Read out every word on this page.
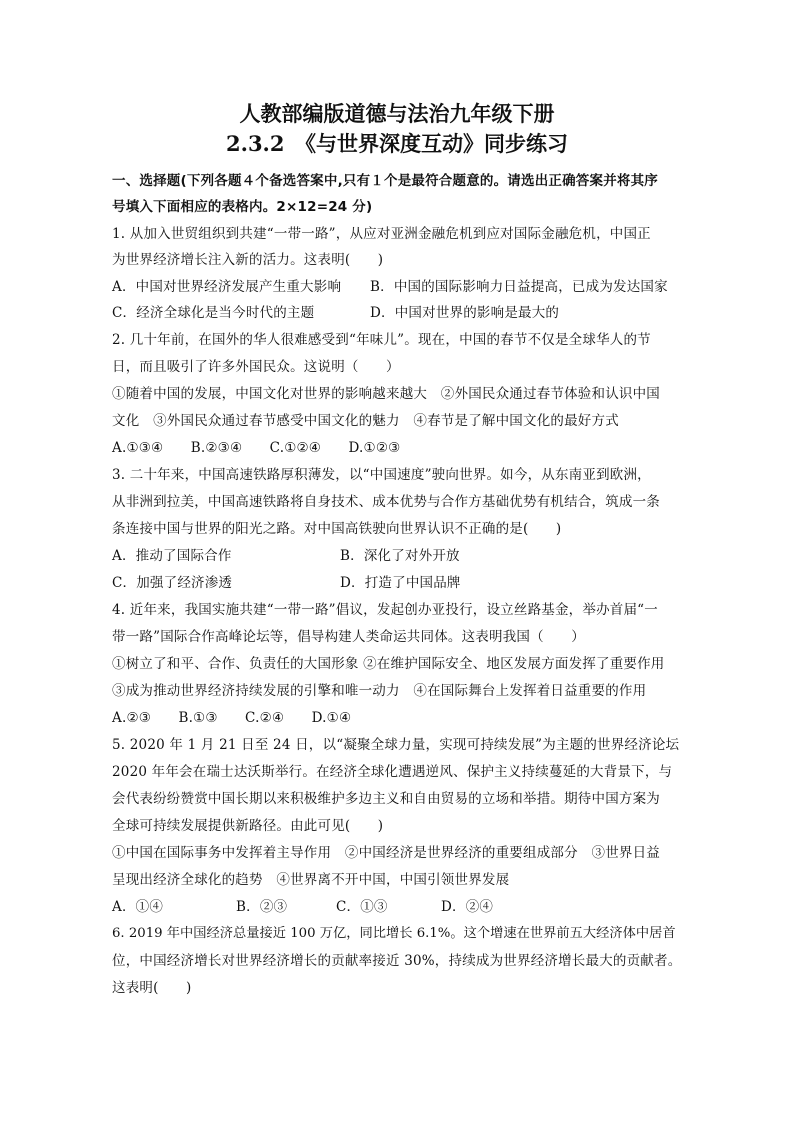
人教部编版道德与法治九年级下册
2.3.2　《与世界深度互动》同步练习
一、选择题(下列各题４个备选答案中,只有１个是最符合题意的。请选出正确答案并将其序
号填入下面相应的表格内。2×12=24 分)
1. 从加入世贸组织到共建“一带一路”，从应对亚洲金融危机到应对国际金融危机，中国正
为世界经济增长注入新的活力。这表明(　　)
A．中国对世界经济发展产生重大影响 B．中国的国际影响力日益提高，已成为发达国家
C．经济全球化是当今时代的主题	D．中国对世界的影响是最大的
2. 几十年前，在国外的华人很难感受到“年味儿”。现在，中国的春节不仅是全球华人的节
日，而且吸引了许多外国民众。这说明（　　）
①随着中国的发展，中国文化对世界的影响越来越大　②外国民众通过春节体验和认识中国
文化　③外国民众通过春节感受中国文化的魅力　④春节是了解中国文化的最好方式
A.①③④　　B.②③④　　C.①②④　　D.①②③
3. 二十年来，中国高速铁路厚积薄发，以“中国速度”驶向世界。如今，从东南亚到欧洲，
从非洲到拉美，中国高速铁路将自身技术、成本优势与合作方基础优势有机结合，筑成一条
条连接中国与世界的阳光之路。对中国高铁驶向世界认识不正确的是(　　)
A．推动了国际合作	B．深化了对外开放
C．加强了经济渗透	D．打造了中国品牌
4. 近年来，我国实施共建“一带一路”倡议，发起创办亚投行，设立丝路基金，举办首届“一
带一路”国际合作高峰论坛等，倡导构建人类命运共同体。这表明我国（　　）
①树立了和平、合作、负责任的大国形象 ②在维护国际安全、地区发展方面发挥了重要作用
③成为推动世界经济持续发展的引擎和唯一动力　④在国际舞台上发挥着日益重要的作用
A.②③　　B.①③　　C.②④　　D.①④
5. 2020 年 1 月 21 日至 24 日，以“凝聚全球力量，实现可持续发展”为主题的世界经济论坛
2020 年年会在瑞士达沃斯举行。在经济全球化遭遇逆风、保护主义持续蔓延的大背景下，与
会代表纷纷赞赏中国长期以来积极维护多边主义和自由贸易的立场和举措。期待中国方案为
全球可持续发展提供新路径。由此可见(　　)
①中国在国际事务中发挥着主导作用　②中国经济是世界经济的重要组成部分　③世界日益
呈现出经济全球化的趋势　④世界离不开中国，中国引领世界发展
A．①④	B．②③	C．①③	D．②④
6. 2019 年中国经济总量接近 100 万亿，同比增长 6.1%。这个增速在世界前五大经济体中居首
位，中国经济增长对世界经济增长的贡献率接近 30%，持续成为世界经济增长最大的贡献者。
这表明(　　)
